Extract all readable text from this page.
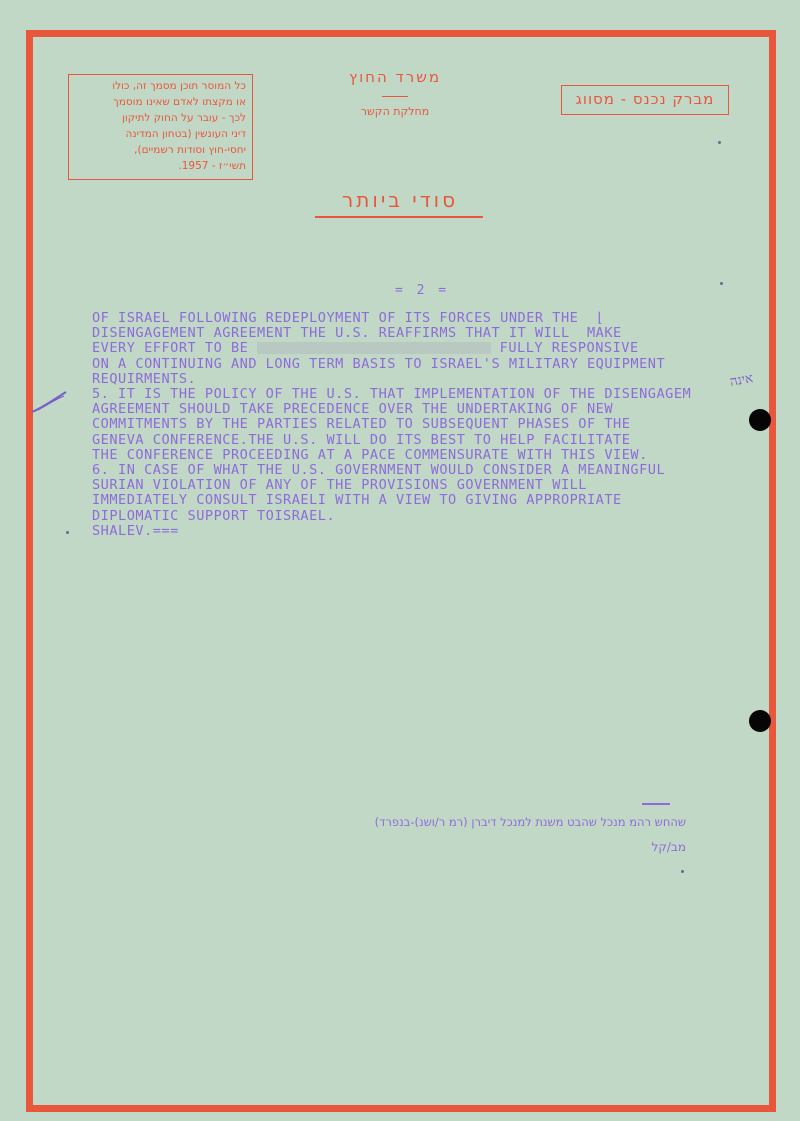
כל המוסר תוכן מסמך זה, כולו
או מקצתו לאדם שאינו מוסמך
לכך - עובר על החוק לתיקון
דיני העונשין (בטחון המדינה
יחסי-חוץ וסודות רשמיים),
תשי״ז - 1957.
משרד החוץ
מחלקת הקשר
מברק נכנס - מסווג
סודי ביותר
= 2 =
OF ISRAEL FOLLOWING REDEPLOYMENT OF ITS FORCES UNDER THE  ⌊
DISENGAGEMENT AGREEMENT THE U.S. REAFFIRMS THAT IT WILL  MAKE
EVERY EFFORT TO BE	FULLY RESPONSIVE
ON A CONTINUING AND LONG TERM BASIS TO ISRAEL'S MILITARY EQUIPMENT
REQUIRMENTS.
5. IT IS THE POLICY OF THE U.S. THAT IMPLEMENTATION OF THE DISENGAGEM
AGREEMENT SHOULD TAKE PRECEDENCE OVER THE UNDERTAKING OF NEW
COMMITMENTS BY THE PARTIES RELATED TO SUBSEQUENT PHASES OF THE
GENEVA CONFERENCE.THE U.S. WILL DO ITS BEST TO HELP FACILITATE
THE CONFERENCE PROCEEDING AT A PACE COMMENSURATE WITH THIS VIEW.
6. IN CASE OF WHAT THE U.S. GOVERNMENT WOULD CONSIDER A MEANINGFUL
SURIAN VIOLATION OF ANY OF THE PROVISIONS GOVERNMENT WILL
IMMEDIATELY CONSULT ISRAELI WITH A VIEW TO GIVING APPROPRIATE
DIPLOMATIC SUPPORT TOISRAEL.
SHALEV.===
אינה
שהחש רהמ מנכל שהבט משנת למנכל דיברן (רמ ר/ושנ)-בנפרד)
מב/קל
